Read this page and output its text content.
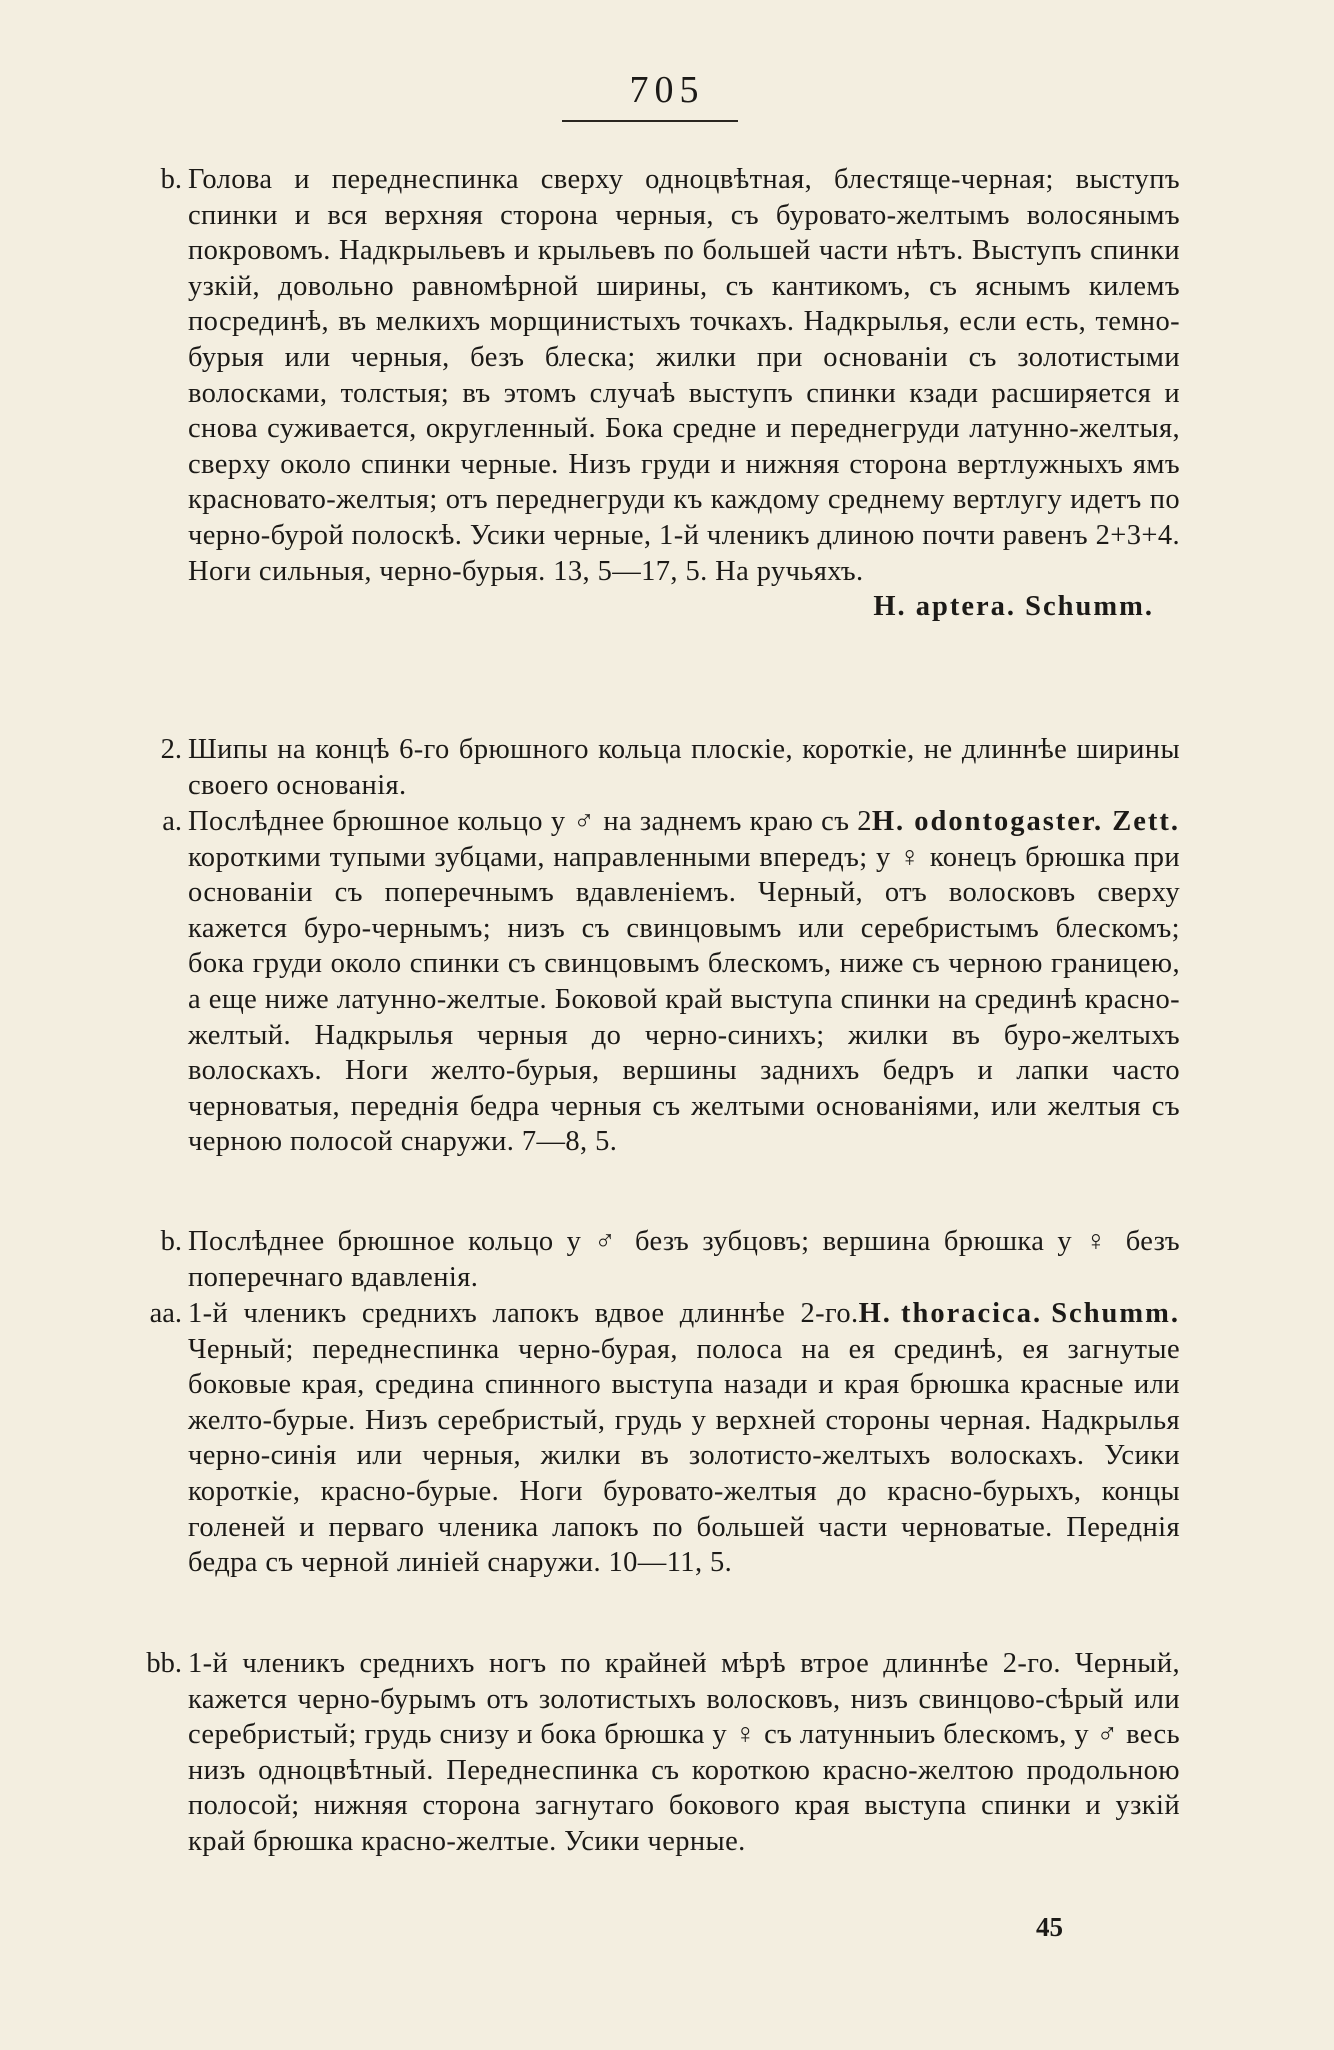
705
b. Голова и переднеспинка сверху одноцвѣтная, блестяще-черная; выступъ спинки и вся верхняя сторона черныя, съ буровато-желтымъ волосянымъ покровомъ. Надкрыльевъ и крыльевъ по большей части нѣтъ. Выступъ спинки узкій, довольно равномѣрной ширины, съ кантикомъ, съ яснымъ килемъ посрединѣ, въ мелкихъ морщинистыхъ точкахъ. Надкрылья, если есть, темно-бурыя или черныя, безъ блеска; жилки при основаніи съ золотистыми волосками, толстыя; въ этомъ случаѣ выступъ спинки кзади расширяется и снова суживается, округленный. Бока средне и переднегруди латунно-желтыя, сверху около спинки черные. Низъ груди и нижняя сторона вертлужныхъ ямъ красновато-желтыя; отъ переднегруди къ каждому среднему вертлугу идетъ по черно-бурой полоскѣ. Усики черные, 1-й членикъ длиною почти равенъ 2+3+4. Ноги сильныя, черно-бурыя. 13, 5—17, 5. На ручьяхъ.
H. aptera. Schumm.
2. Шипы на концѣ 6-го брюшного кольца плоскіе, короткіе, не длиннѣе ширины своего основанія.
a.	H. odontogaster. Zett.
Послѣднее брюшное кольцо у ♂ на заднемъ краю съ 2 короткими тупыми зубцами, направленными впередъ; у ♀ конецъ брюшка при основаніи съ поперечнымъ вдавленіемъ. Черный, отъ волосковъ сверху кажется буро-чернымъ; низъ съ свинцовымъ или серебристымъ блескомъ; бока груди около спинки съ свинцовымъ блескомъ, ниже съ черною границею, а еще ниже латунно-желтые. Боковой край выступа спинки на срединѣ красно-желтый. Надкрылья черныя до черно-синихъ; жилки въ буро-желтыхъ волоскахъ. Ноги желто-бурыя, вершины заднихъ бедръ и лапки часто черноватыя, переднія бедра черныя съ желтыми основаніями, или желтыя съ черною полосой снаружи. 7—8, 5.
b. Послѣднее брюшное кольцо у ♂ безъ зубцовъ; вершина брюшка у ♀ безъ поперечнаго вдавленія.
aa.	H. thoracica. Schumm.
1-й членикъ среднихъ лапокъ вдвое длиннѣе 2-го. Черный; переднеспинка черно-бурая, полоса на ея срединѣ, ея загнутые боковые края, средина спинного выступа назади и края брюшка красные или желто-бурые. Низъ серебристый, грудь у верхней стороны черная. Надкрылья черно-синія или черныя, жилки въ золотисто-желтыхъ волоскахъ. Усики короткіе, красно-бурые. Ноги буровато-желтыя до красно-бурыхъ, концы голеней и перваго членика лапокъ по большей части черноватые. Переднія бедра съ черной линіей снаружи. 10—11, 5.
bb. 1-й членикъ среднихъ ногъ по крайней мѣрѣ втрое длиннѣе 2-го. Черный, кажется черно-бурымъ отъ золотистыхъ волосковъ, низъ свинцово-сѣрый или серебристый; грудь снизу и бока брюшка у ♀ съ латунныиъ блескомъ, у ♂ весь низъ одноцвѣтный. Переднеспинка съ короткою красно-желтою продольною полосой; нижняя сторона загнутаго бокового края выступа спинки и узкій край брюшка красно-желтые. Усики черные.
45
